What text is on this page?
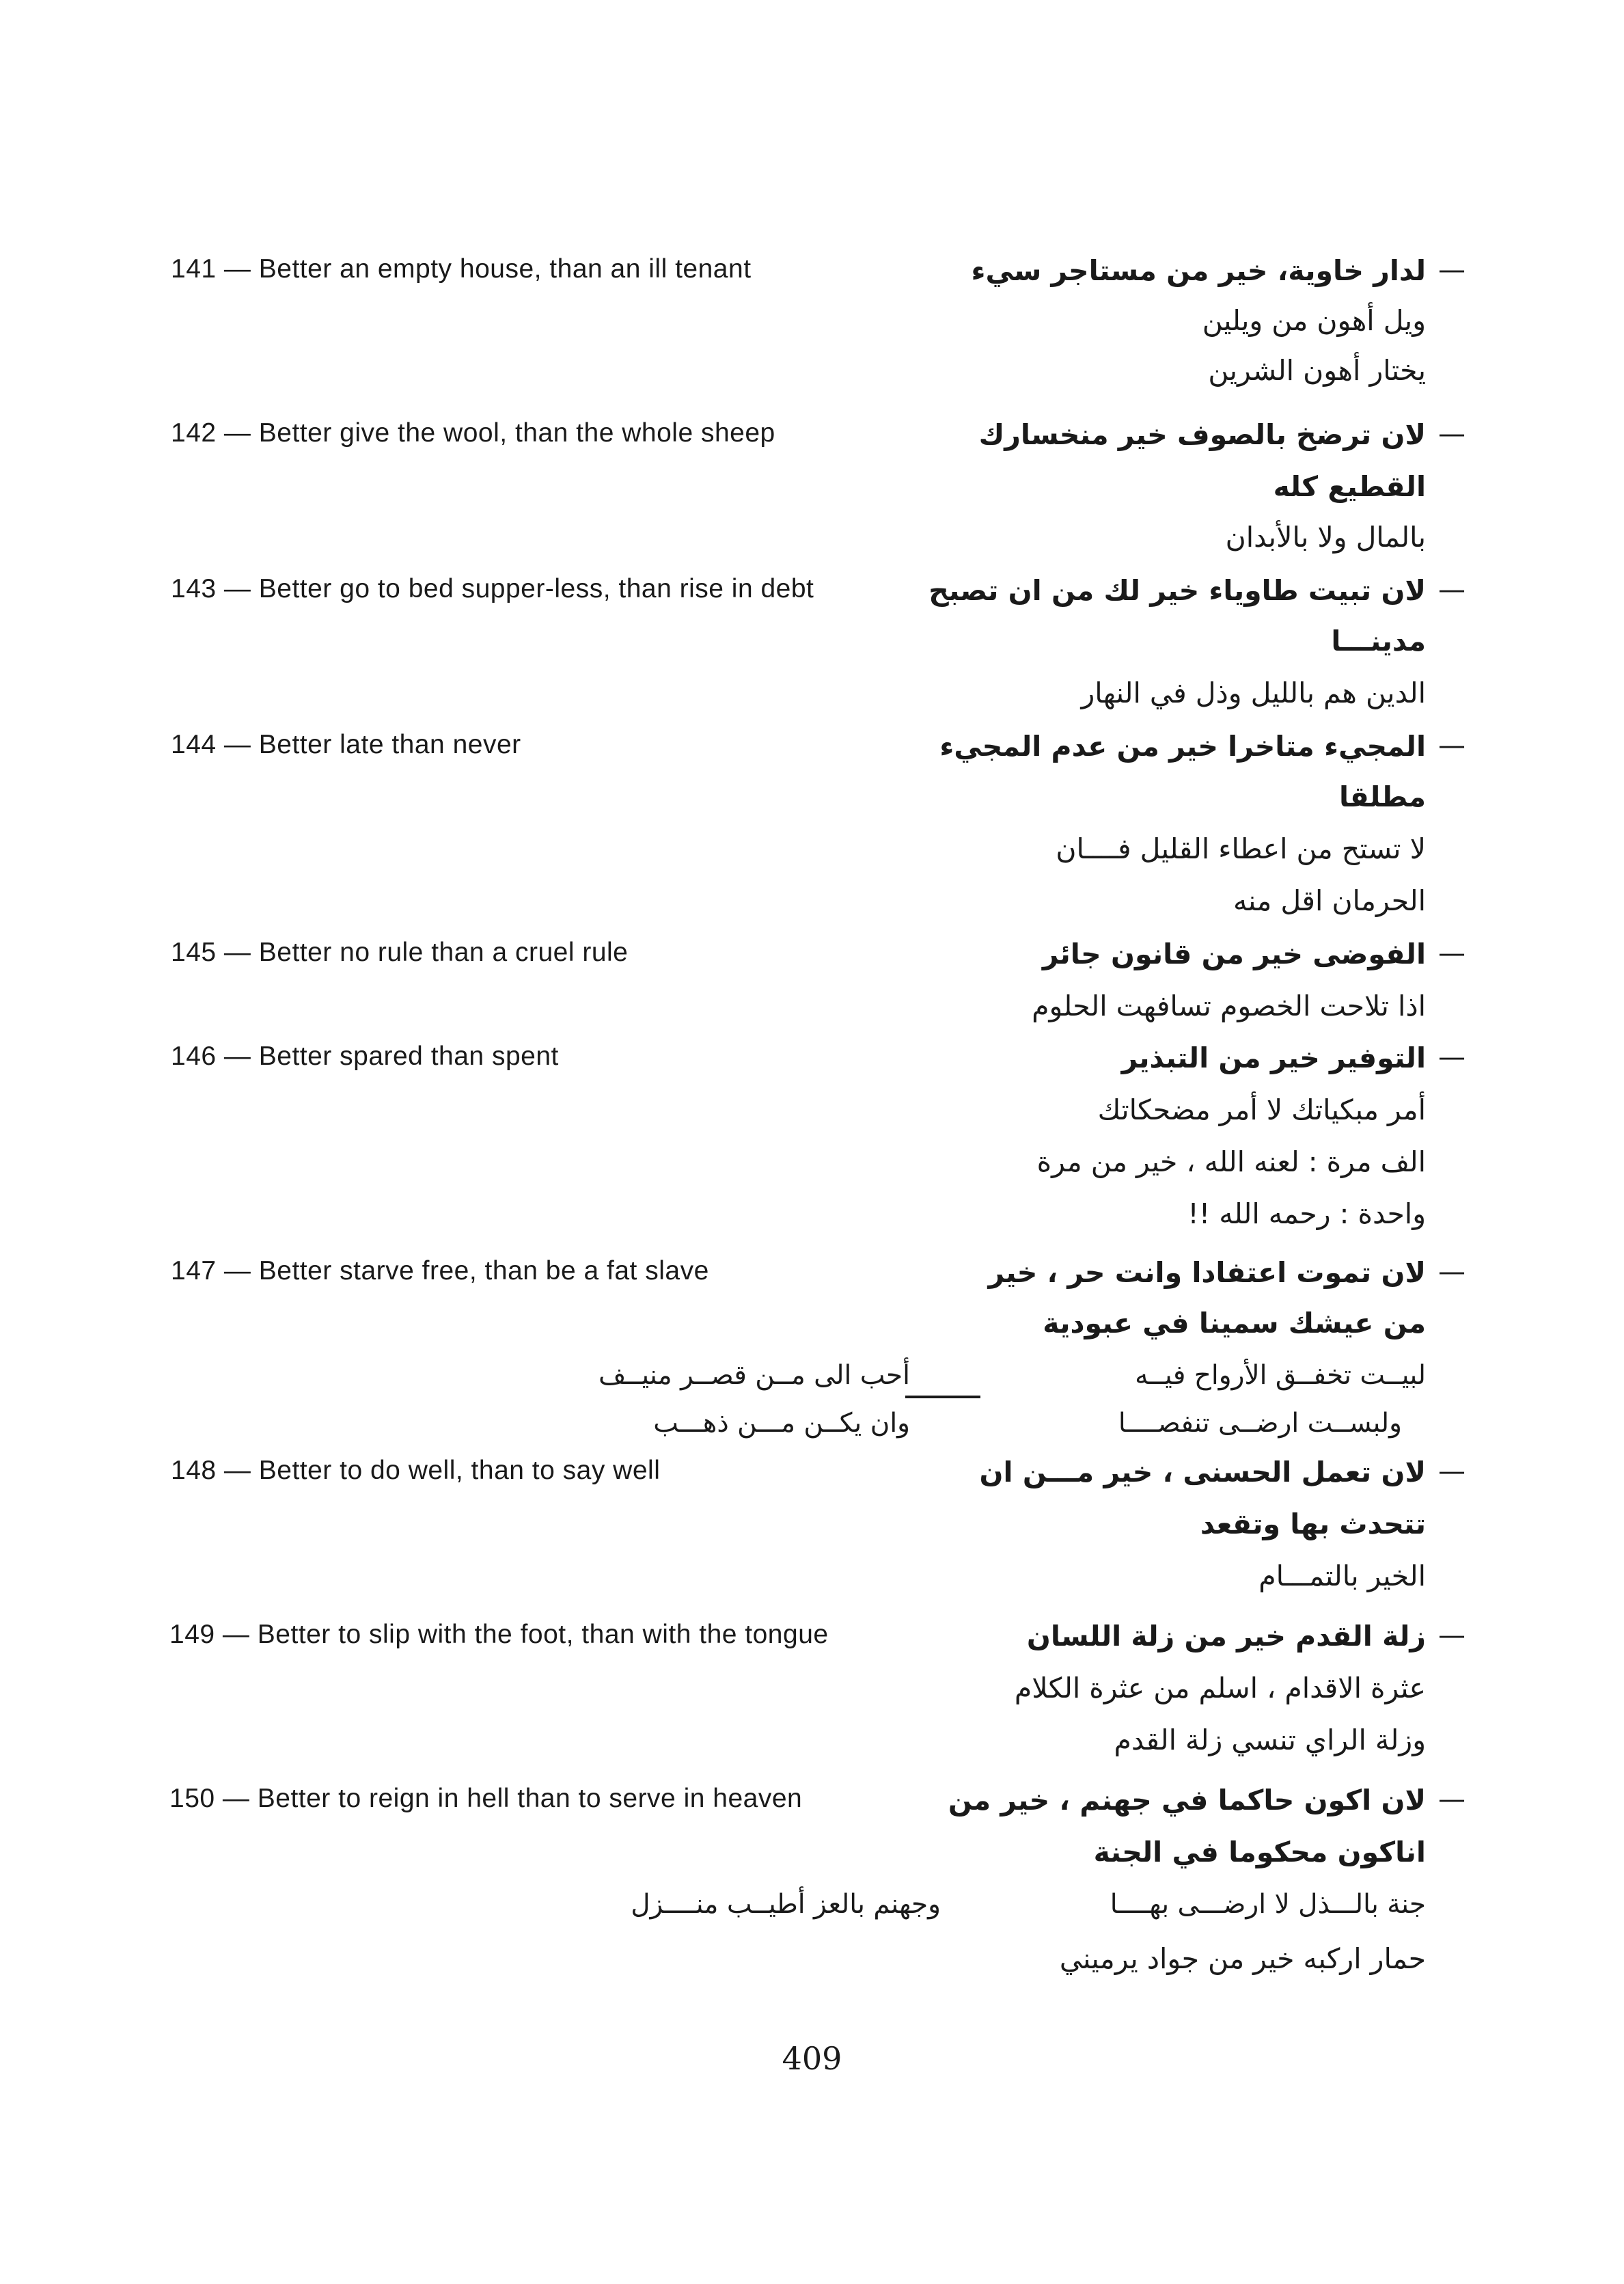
141 — Better an empty house, than an ill tenant	—
لدار خاوية، خير من مستاجر سيء
ويل أهون من ويلين
يختار أهون الشرين
142 — Better give the wool, than the whole sheep	—
لان ترضخ بالصوف خير منخسارك
القطيع كله
بالمال ولا بالأبدان
143 — Better go to bed supper-less, than rise in debt	—
لان تبيت طاوياء خير لك من ان تصبح
مدينـــا
الدين هم بالليل وذل في النهار
144 — Better late than never	—
المجيء متاخرا خير من عدم المجيء
مطلقا
لا تستح من اعطاء القليل فــــان
الحرمان اقل منه
145 — Better no rule than a cruel rule	—
الفوضى خير من قانون جائر
اذا تلاحت الخصوم تسافهت الحلوم
146 — Better spared than spent	—
التوفير خير من التبذير
أمر مبكياتك لا أمر مضحكاتك
الف مرة : لعنه الله ، خير من مرة
واحدة : رحمه الله !!
147 — Better starve free, than be a fat slave	—
لان تموت اعتفادا وانت حر ، خير
من عيشك سمينا في عبودية
لبيــت تخفــق الأرواح فيــه
أحب الى مــن قصــر منيــف
ولبســت ارضــى تنفصــــا
وان يكــن مـــن ذهـــب
148 — Better to do well, than to say well	—
لان تعمل الحسنى ، خير مـــن ان
تتحدث بها وتقعد
الخير بالتمـــام
149 — Better to slip with the foot, than with the tongue	—
زلة القدم خير من زلة اللسان
عثرة الاقدام ، اسلم من عثرة الكلام
وزلة الراي تنسي زلة القدم
150 — Better to reign in hell than to serve in heaven	—
لان اكون حاكما في جهنم ، خير من
اناكون محكوما في الجنة
جنة بالـــذل لا ارضـــى بهــــا
وجهنم بالعز أطيــب منــــزل
حمار اركبه خير من جواد يرميني
409
